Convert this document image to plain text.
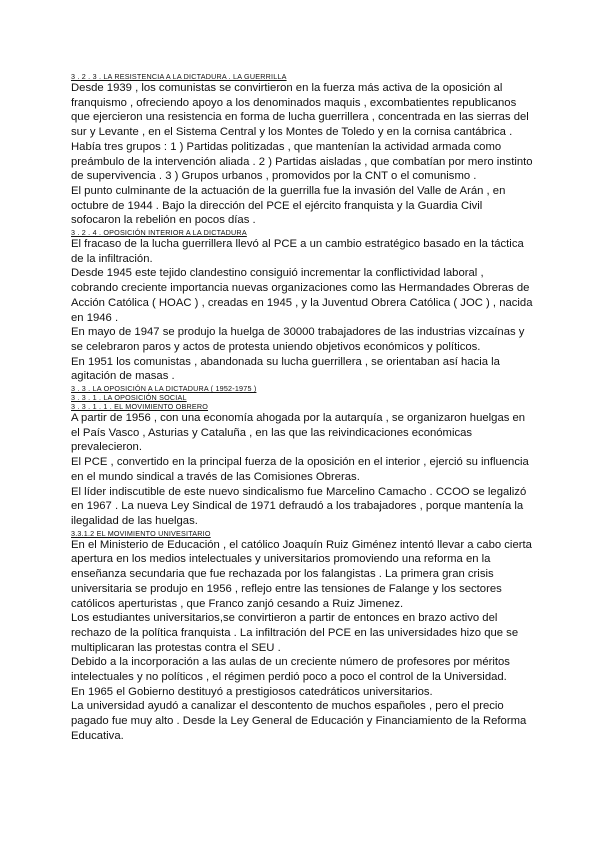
3 . 2 . 3 . LA RESISTENCIA A LA DICTADURA . LA GUERRILLA

Desde 1939 , los comunistas se convirtieron en la fuerza más activa de la oposición al franquismo , ofreciendo apoyo a los denominados maquis , excombatientes republicanos que ejercieron una resistencia en forma de lucha guerrillera , concentrada en las sierras del sur y Levante , en el Sistema Central y los Montes de Toledo y en la cornisa cantábrica .

Había tres grupos : 1 ) Partidas politizadas , que mantenían la actividad armada como preámbulo de la intervención aliada . 2 ) Partidas aisladas , que combatían por mero instinto de supervivencia . 3 ) Grupos urbanos , promovidos por la CNT o el comunismo .

El punto culminante de la actuación de la guerrilla fue la invasión del Valle de Arán , en octubre de 1944 . Bajo la dirección del PCE el ejército franquista y la Guardia Civil sofocaron la rebelión en pocos días .

3 . 2 . 4 . OPOSICIÓN INTERIOR A LA DICTADURA

El fracaso de la lucha guerrillera llevó al PCE a un cambio estratégico basado en la táctica de la infiltración.

Desde 1945 este tejido clandestino consiguió incrementar la conflictividad laboral , cobrando creciente importancia nuevas organizaciones como las Hermandades Obreras de Acción Católica ( HOAC ) , creadas en 1945 , y la Juventud Obrera Católica ( JOC ) , nacida en 1946 .

En mayo de 1947 se produjo la huelga de 30000 trabajadores de las industrias vizcaínas y se celebraron paros y actos de protesta uniendo objetivos económicos y políticos.

En 1951 los comunistas , abandonada su lucha guerrillera , se orientaban así hacia la agitación de masas .

3 . 3 . LA OPOSICIÓN A LA DICTADURA ( 1952-1975 )
3 . 3 . 1 . LA OPOSICIÓN SOCIAL
3 . 3 . 1 . 1 . EL MOVIMIENTO OBRERO

A partir de 1956 , con una economía ahogada por la autarquía , se organizaron huelgas en el País Vasco , Asturias y Cataluña , en las que las reivindicaciones económicas prevalecieron.

El PCE , convertido en la principal fuerza de la oposición en el interior , ejerció su influencia en el mundo sindical a través de las Comisiones Obreras.

El líder indiscutible de este nuevo sindicalismo fue Marcelino Camacho . CCOO se legalizó en 1967 . La nueva Ley Sindical de 1971 defraudó a los trabajadores , porque mantenía la ilegalidad de las huelgas.

3.3.1.2 EL MOVIMIENTO UNIVESITARIO

En el Ministerio de Educación , el católico Joaquín Ruiz Giménez intentó llevar a cabo cierta apertura en los medios intelectuales y universitarios promoviendo una reforma en la enseñanza secundaria que fue rechazada por los falangistas . La primera gran crisis universitaria se produjo en 1956 , reflejo entre las tensiones de Falange y los sectores católicos aperturistas , que Franco zanjó cesando a Ruiz Jimenez.

Los estudiantes universitarios,se convirtieron a partir de entonces en brazo activo del rechazo de la política franquista . La infiltración del PCE en las universidades hizo que se multiplicaran las protestas contra el SEU .

Debido a la incorporación a las aulas de un creciente número de profesores por méritos intelectuales y no políticos , el régimen perdió poco a poco el control de la Universidad.

En 1965 el Gobierno destituyó a prestigiosos catedráticos universitarios.

La universidad ayudó a canalizar el descontento de muchos españoles , pero el precio pagado fue muy alto . Desde la Ley General de Educación y Financiamiento de la Reforma Educativa.
